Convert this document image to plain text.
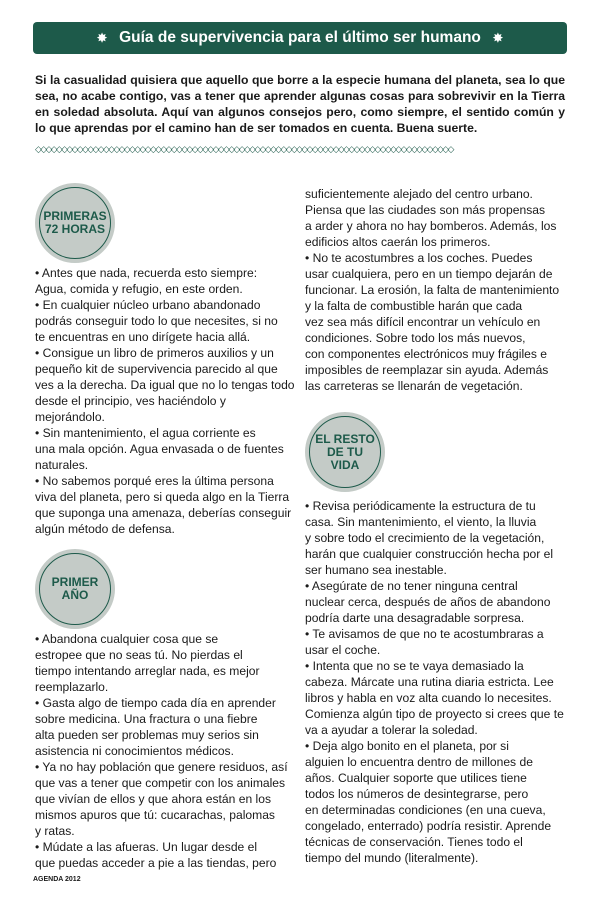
✸ Guía de supervivencia para el último ser humano ✸
Si la casualidad quisiera que aquello que borre a la especie humana del planeta, sea lo que sea, no acabe contigo, vas a tener que aprender algunas cosas para sobrevivir en la Tierra en soledad absoluta. Aquí van algunos consejos pero, como siempre, el sentido común y lo que aprendas por el camino han de ser tomados en cuenta. Buena suerte.
◇◇◇◇◇◇◇◇◇◇◇◇◇◇◇◇◇◇◇◇◇◇◇◇◇◇◇◇◇◇◇◇◇◇◇◇◇◇◇◇◇◇◇◇◇◇◇◇◇◇◇◇◇◇◇◇◇◇◇◇◇◇◇◇◇◇◇◇◇◇◇◇◇◇◇◇◇◇◇◇
PRIMERAS 72 HORAS

• Antes que nada, recuerda esto siempre:

Agua, comida y refugio, en este orden.

• En cualquier núcleo urbano abandonado

podrás conseguir todo lo que necesites, si no

te encuentras en uno dirígete hacia allá.

• Consigue un libro de primeros auxilios y un

pequeño kit de supervivencia parecido al que

ves a la derecha. Da igual que no lo tengas todo

desde el principio, ves haciéndolo y mejorándolo.

• Sin mantenimiento, el agua corriente es

una mala opción. Agua envasada o de fuentes

naturales.

• No sabemos porqué eres la última persona

viva del planeta, pero si queda algo en la Tierra

que suponga una amenaza, deberías conseguir

algún método de defensa.

PRIMER AÑO

• Abandona cualquier cosa que se

estropee que no seas tú. No pierdas el

tiempo intentando arreglar nada, es mejor

reemplazarlo.

• Gasta algo de tiempo cada día en aprender

sobre medicina. Una fractura o una fiebre

alta pueden ser problemas muy serios sin

asistencia ni conocimientos médicos.

• Ya no hay población que genere residuos, así

que vas a tener que competir con los animales

que vivían de ellos y que ahora están en los

mismos apuros que tú: cucarachas, palomas

y ratas.

• Múdate a las afueras. Un lugar desde el

que puedas acceder a pie a las tiendas, pero

suficientemente alejado del centro urbano.

Piensa que las ciudades son más propensas

a arder y ahora no hay bomberos. Además, los

edificios altos caerán los primeros.

• No te acostumbres a los coches. Puedes

usar cualquiera, pero en un tiempo dejarán de

funcionar. La erosión, la falta de mantenimiento

y la falta de combustible harán que cada

vez sea más difícil encontrar un vehículo en

condiciones. Sobre todo los más nuevos,

con componentes electrónicos muy frágiles e

imposibles de reemplazar sin ayuda. Además

las carreteras se llenarán de vegetación.

EL RESTO DE TU VIDA

• Revisa periódicamente la estructura de tu

casa. Sin mantenimiento, el viento, la lluvia

y sobre todo el crecimiento de la vegetación,

harán que cualquier construcción hecha por el

ser humano sea inestable.

• Asegúrate de no tener ninguna central

nuclear cerca, después de años de abandono

podría darte una desagradable sorpresa.

• Te avisamos de que no te acostumbraras a

usar el coche.

• Intenta que no se te vaya demasiado la

cabeza. Márcate una rutina diaria estricta. Lee

libros y habla en voz alta cuando lo necesites.

Comienza algún tipo de proyecto si crees que te

va a ayudar a tolerar la soledad.

• Deja algo bonito en el planeta, por si

alguien lo encuentra dentro de millones de

años. Cualquier soporte que utilices tiene

todos los números de desintegrarse, pero

en determinadas condiciones (en una cueva,

congelado, enterrado) podría resistir. Aprende

técnicas de conservación. Tienes todo el

tiempo del mundo (literalmente).

AGENDA 2012
